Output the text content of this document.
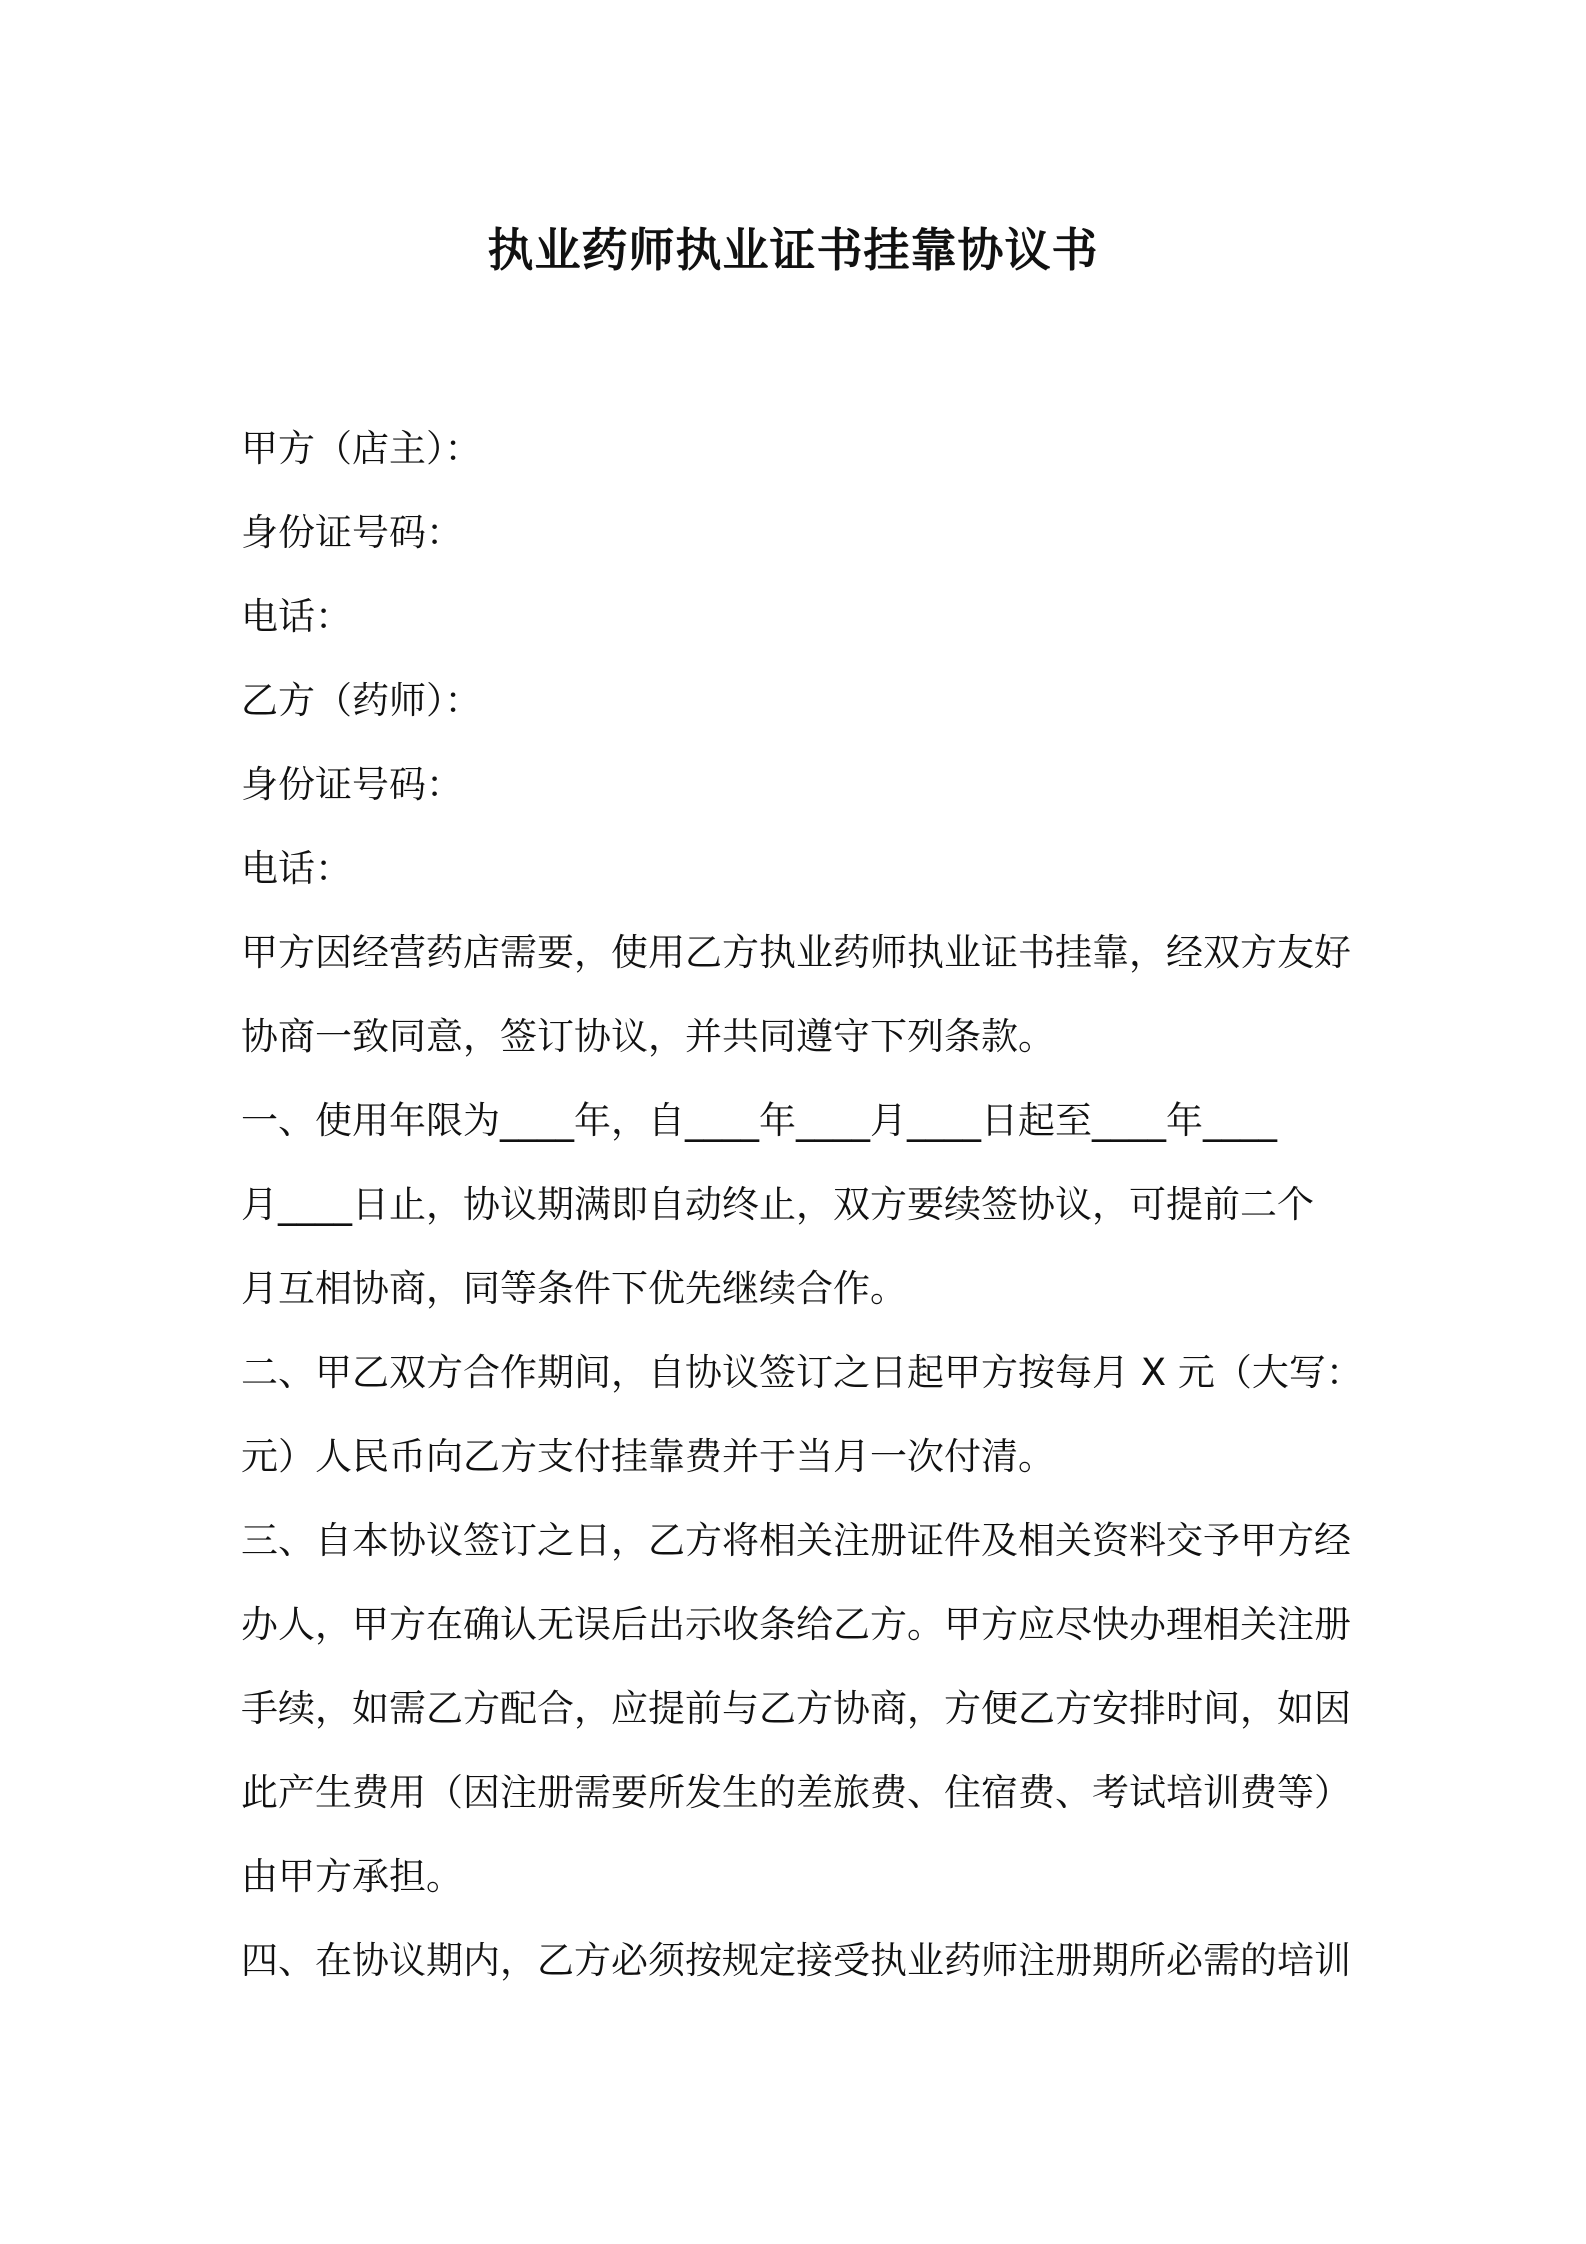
执业药师执业证书挂靠协议书
甲方（店主）：
身份证号码：
电话：
乙方（药师）：
身份证号码：
电话：
甲方因经营药店需要，使用乙方执业药师执业证书挂靠，经双方友好
协商一致同意，签订协议，并共同遵守下列条款。
一、使用年限为____年，自____年____月____日起至____年____
月____日止，协议期满即自动终止，双方要续签协议，可提前二个
月互相协商，同等条件下优先继续合作。
二、甲乙双方合作期间，自协议签订之日起甲方按每月 X 元（大写：
元）人民币向乙方支付挂靠费并于当月一次付清。
三、自本协议签订之日，乙方将相关注册证件及相关资料交予甲方经
办人，甲方在确认无误后出示收条给乙方。甲方应尽快办理相关注册
手续，如需乙方配合，应提前与乙方协商，方便乙方安排时间，如因
此产生费用（因注册需要所发生的差旅费、住宿费、考试培训费等）
由甲方承担。
四、在协议期内，乙方必须按规定接受执业药师注册期所必需的培训
